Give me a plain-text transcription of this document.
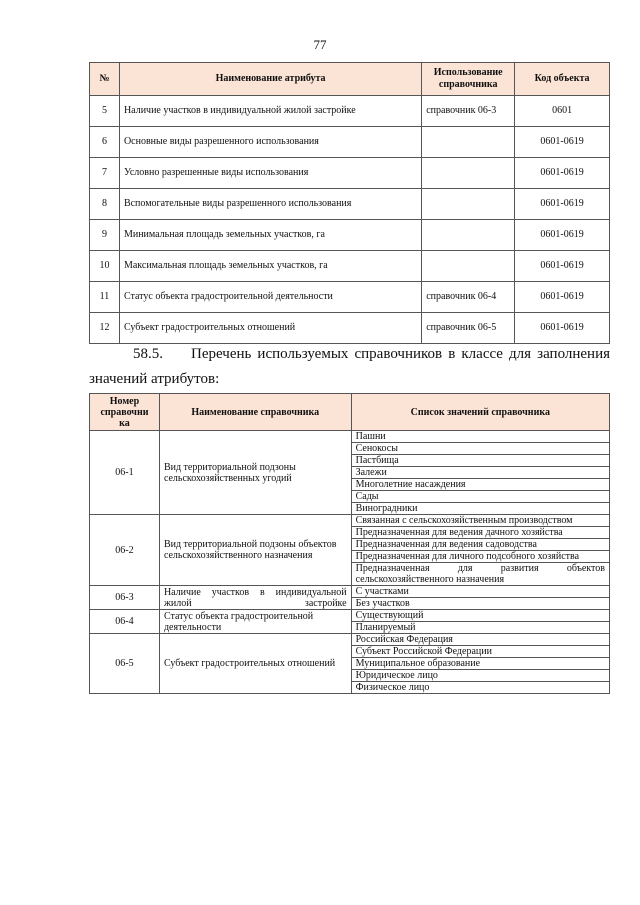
77
№	Наименование атрибута	Использование справочника	Код объекта
5	Наличие участков в индивидуальной жилой застройке	справочник 06-3	0601
6	Основные виды разрешенного использования		0601-0619
7	Условно разрешенные виды использования		0601-0619
8	Вспомогательные виды разрешенного использования		0601-0619
9	Минимальная площадь земельных участков, га		0601-0619
10	Максимальная площадь земельных участков, га		0601-0619
11	Статус объекта градостроительной деятельности	справочник 06-4	0601-0619
12	Субъект градостроительных отношений	справочник 06-5	0601-0619
58.5. Перечень используемых справочников в классе для заполнения
значений атрибутов:
Номер справочни ка	Наименование справочника	Список значений справочника
06-1	Вид территориальной подзоны сельскохозяйственных угодий	Пашни
		Сенокосы
		Пастбища
		Залежи
		Многолетние насаждения
		Сады
		Виноградники
06-2	Вид территориальной подзоны объектов сельскохозяйственного назначения	Связанная с сельскохозяйственным производством
		Предназначенная для ведения дачного хозяйства
		Предназначенная для ведения садоводства
		Предназначенная для личного подсобного хозяйства
		Предназначенная для развития объектов сельскохозяйственного назначения
06-3	Наличие участков в индивидуальной жилой застройке	С участками
		Без участков
06-4	Статус объекта градостроительной деятельности	Существующий
		Планируемый
06-5	Субъект градостроительных отношений	Российская Федерация
		Субъект Российской Федерации
		Муниципальное образование
		Юридическое лицо
		Физическое лицо
